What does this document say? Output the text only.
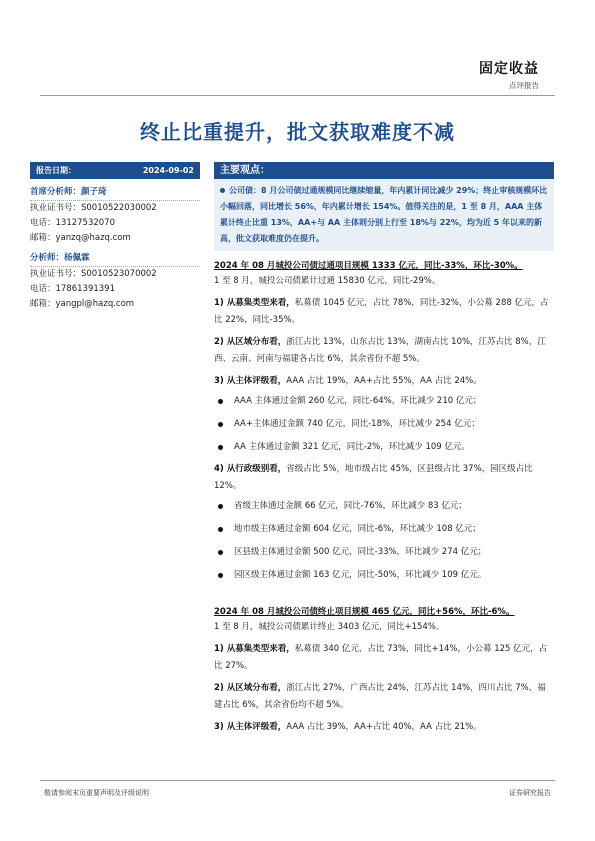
固定收益
点评报告
终止比重提升，批文获取难度不减
报告日期：	2024-09-02
首席分析师：颜子琦
执业证书号：S0010522030002
电话：13127532070
邮箱：yanzq@hazq.com
分析师：杨佩霖
执业证书号：S0010523070002
电话：17861391391
邮箱：yangpl@hazq.com
主要观点：
公司债：8 月公司债过通规模同比继续缩量，年内累计同比减少 29%；终止审核规模环比小幅回落，同比增长 56%，年内累计增长 154%。值得关注的是，1 至 8 月，AAA 主体累计终止比重 13%，AA+与 AA 主体则分别上行至 18%与 22%，均为近 5 年以来的新高，批文获取难度仍在提升。
2024 年 08 月城投公司债过通项目规模 1333 亿元，同比-33%，环比-30%。
1 至 8 月，城投公司债累计过通 15830 亿元，同比-29%。
1) 从募集类型来看，私募债 1045 亿元，占比 78%，同比-32%，小公募 288 亿元，占比 22%，同比-35%。
2) 从区域分布看，浙江占比 13%，山东占比 13%，湖南占比 10%，江苏占比 8%，江西、云南、河南与福建各占比 6%，其余省份不超 5%。
3) 从主体评级看，AAA 占比 19%，AA+占比 55%，AA 占比 24%。
AAA 主体通过金额 260 亿元，同比-64%，环比减少 210 亿元；
AA+主体通过金额 740 亿元，同比-18%，环比减少 254 亿元；
AA 主体通过金额 321 亿元，同比-2%，环比减少 109 亿元。
4) 从行政级别看，省级占比 5%，地市级占比 45%，区县级占比 37%，园区级占比 12%。
省级主体通过金额 66 亿元，同比-76%，环比减少 83 亿元；
地市级主体通过金额 604 亿元，同比-6%，环比减少 108 亿元；
区县级主体通过金额 500 亿元，同比-33%，环比减少 274 亿元；
园区级主体通过金额 163 亿元，同比-50%，环比减少 109 亿元。
2024 年 08 月城投公司债终止项目规模 465 亿元，同比+56%，环比-6%。
1 至 8 月，城投公司债累计终止 3403 亿元，同比+154%。
1) 从募集类型来看，私募债 340 亿元，占比 73%，同比+14%，小公募 125 亿元，占比 27%。
2) 从区域分布看，浙江占比 27%，广西占比 24%，江苏占比 14%，四川占比 7%，福建占比 6%，其余省份均不超 5%。
3) 从主体评级看，AAA 占比 39%，AA+占比 40%，AA 占比 21%。
敬请参阅末页重要声明及评级说明	证券研究报告
